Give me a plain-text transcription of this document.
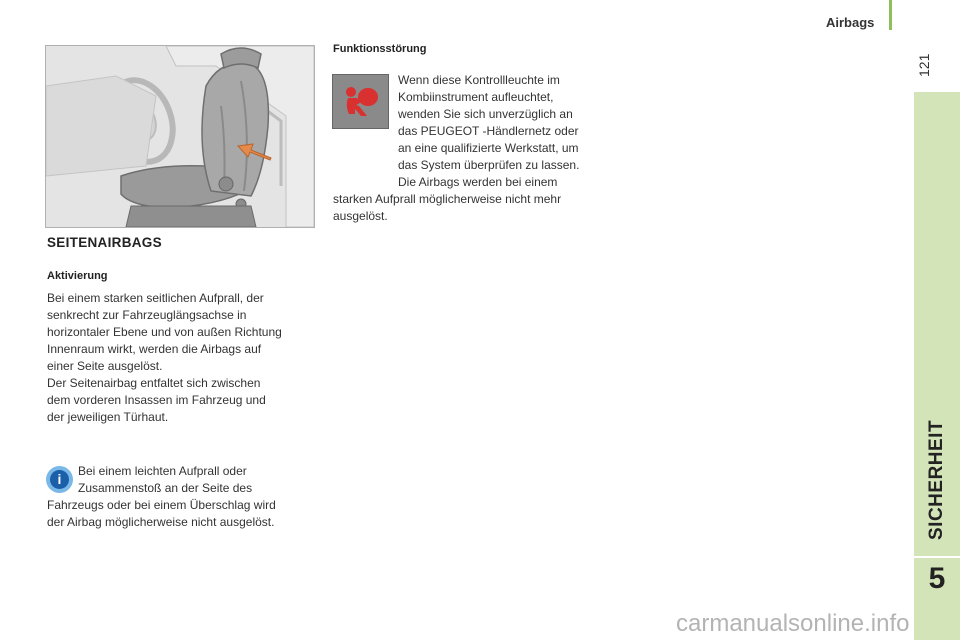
Airbags
121
SICHERHEIT
5
SEITENAIRBAGS
Aktivierung
Bei einem starken seitlichen Aufprall, der
senkrecht zur Fahrzeuglängsachse in
horizontaler Ebene und von außen Richtung
Innenraum wirkt, werden die Airbags auf
einer Seite ausgelöst.
Der Seitenairbag entfaltet sich zwischen
dem vorderen Insassen im Fahrzeug und
der jeweiligen Türhaut.
i	Bei einem leichten Aufprall oder
Zusammenstoß an der Seite des
Fahrzeugs oder bei einem Überschlag wird
der Airbag möglicherweise nicht ausgelöst.
Funktionsstörung
Wenn diese Kontrollleuchte im
Kombiinstrument aufleuchtet,
wenden Sie sich unverzüglich an
das PEUGEOT -Händlernetz oder
an eine qualifizierte Werkstatt, um
das System überprüfen zu lassen.
Die Airbags werden bei einem
starken Aufprall möglicherweise nicht mehr
ausgelöst.
carmanualsonline.info
